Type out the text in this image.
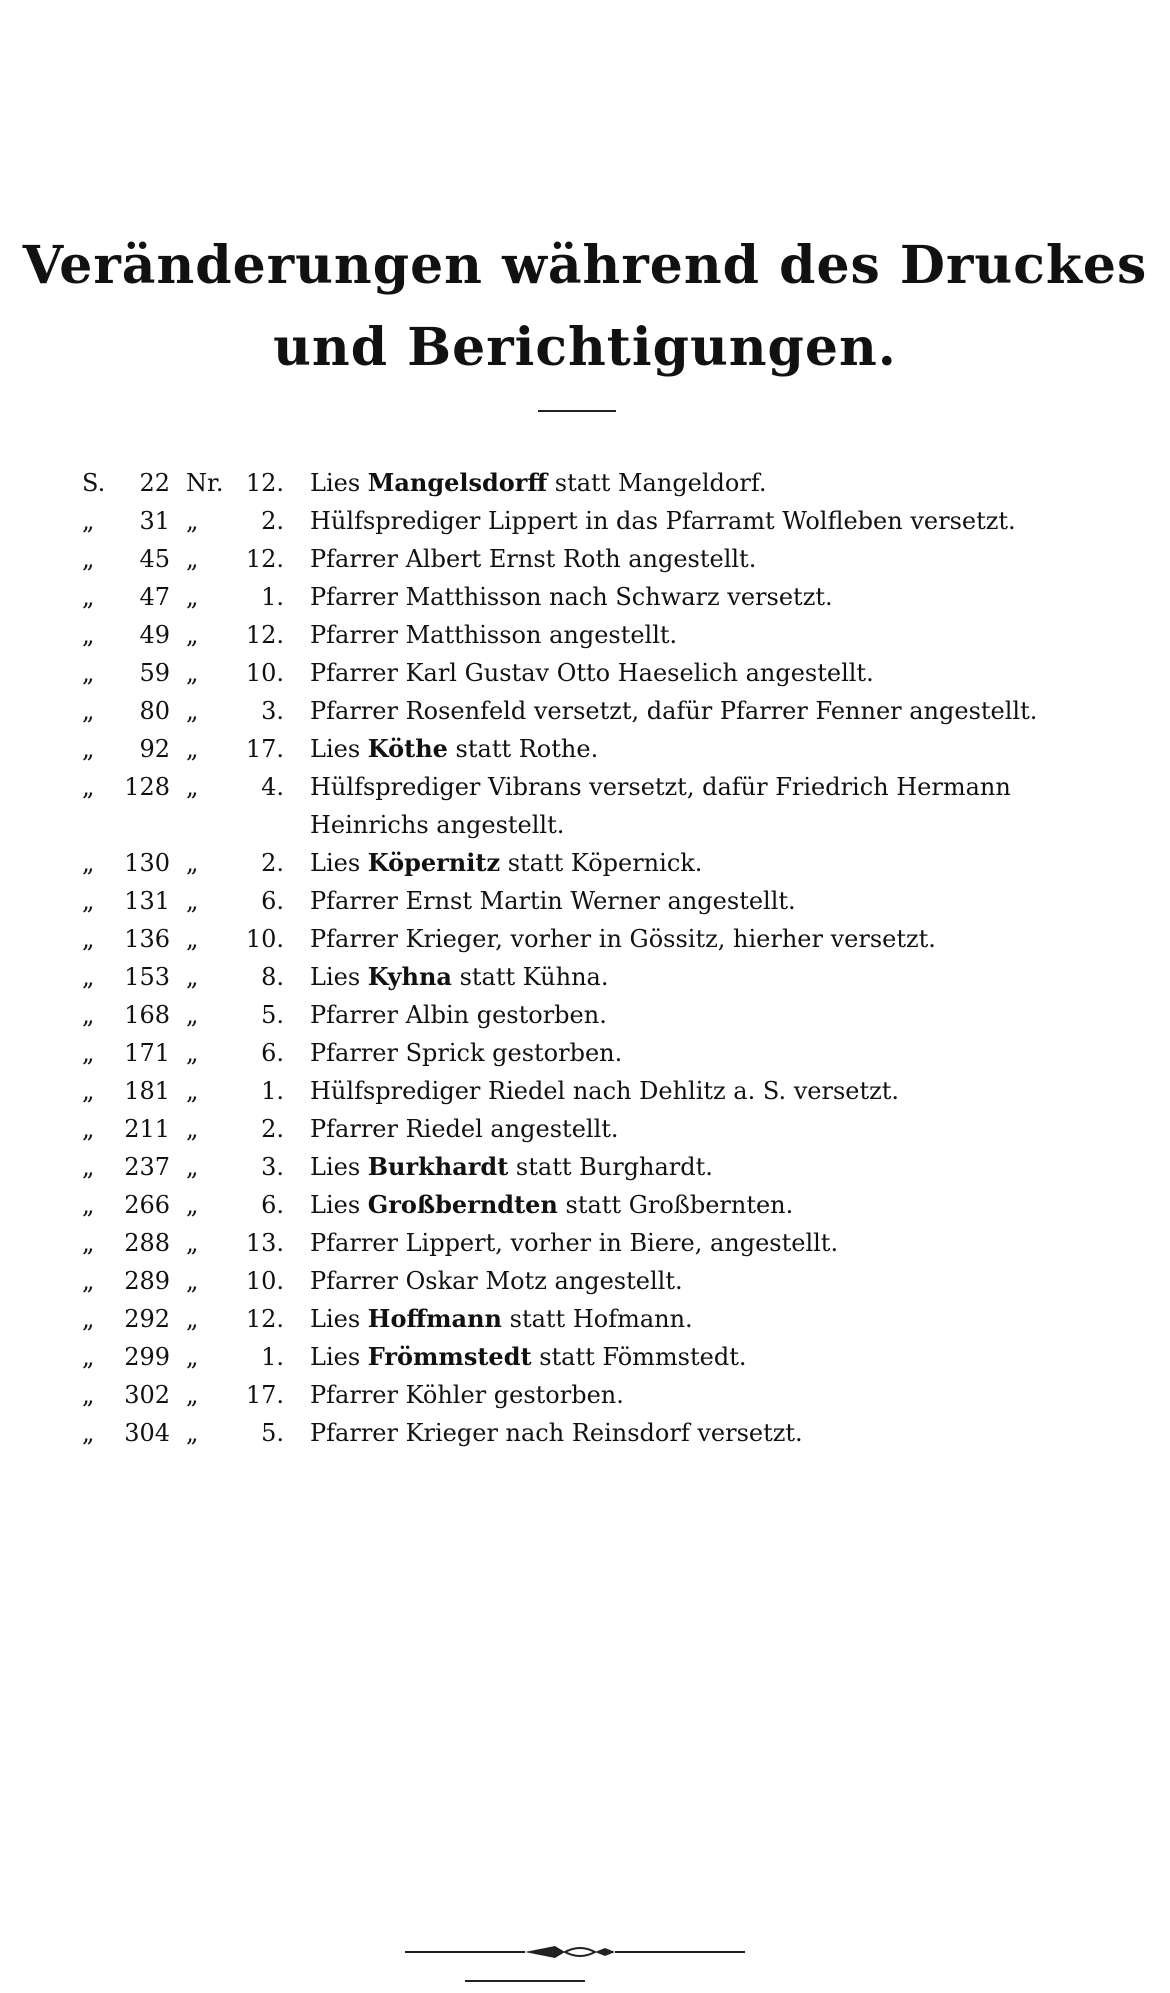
Veränderungen während des Druckes
und Berichtigungen.
S.	22 Nr. 12. Lies Mangelsdorff statt Mangeldorf.
„	31 „	2. Hülfsprediger Lippert in das Pfarramt Wolfleben versetzt.
„	45 „	12. Pfarrer Albert Ernst Roth angestellt.
„	47 „	1. Pfarrer Matthisson nach Schwarz versetzt.
„	49 „	12. Pfarrer Matthisson angestellt.
„	59 „	10. Pfarrer Karl Gustav Otto Haeselich angestellt.
„	80 „	3. Pfarrer Rosenfeld versetzt, dafür Pfarrer Fenner angestellt.
„	92 „	17. Lies Köthe statt Rothe.
„	128 „	4. Hülfsprediger Vibrans versetzt, dafür Friedrich Hermann Heinrichs angestellt.
„	130 „	2. Lies Köpernitz statt Köpernick.
„	131 „	6. Pfarrer Ernst Martin Werner angestellt.
„	136 „	10. Pfarrer Krieger, vorher in Gössitz, hierher versetzt.
„	153 „	8. Lies Kyhna statt Kühna.
„	168 „	5. Pfarrer Albin gestorben.
„	171 „	6. Pfarrer Sprick gestorben.
„	181 „	1. Hülfsprediger Riedel nach Dehlitz a. S. versetzt.
„	211 „	2. Pfarrer Riedel angestellt.
„	237 „	3. Lies Burkhardt statt Burghardt.
„	266 „	6. Lies Großberndten statt Großbernten.
„	288 „	13. Pfarrer Lippert, vorher in Biere, angestellt.
„	289 „	10. Pfarrer Oskar Motz angestellt.
„	292 „	12. Lies Hoffmann statt Hofmann.
„	299 „	1. Lies Frömmstedt statt Fömmstedt.
„	302 „	17. Pfarrer Köhler gestorben.
„	304 „	5. Pfarrer Krieger nach Reinsdorf versetzt.
